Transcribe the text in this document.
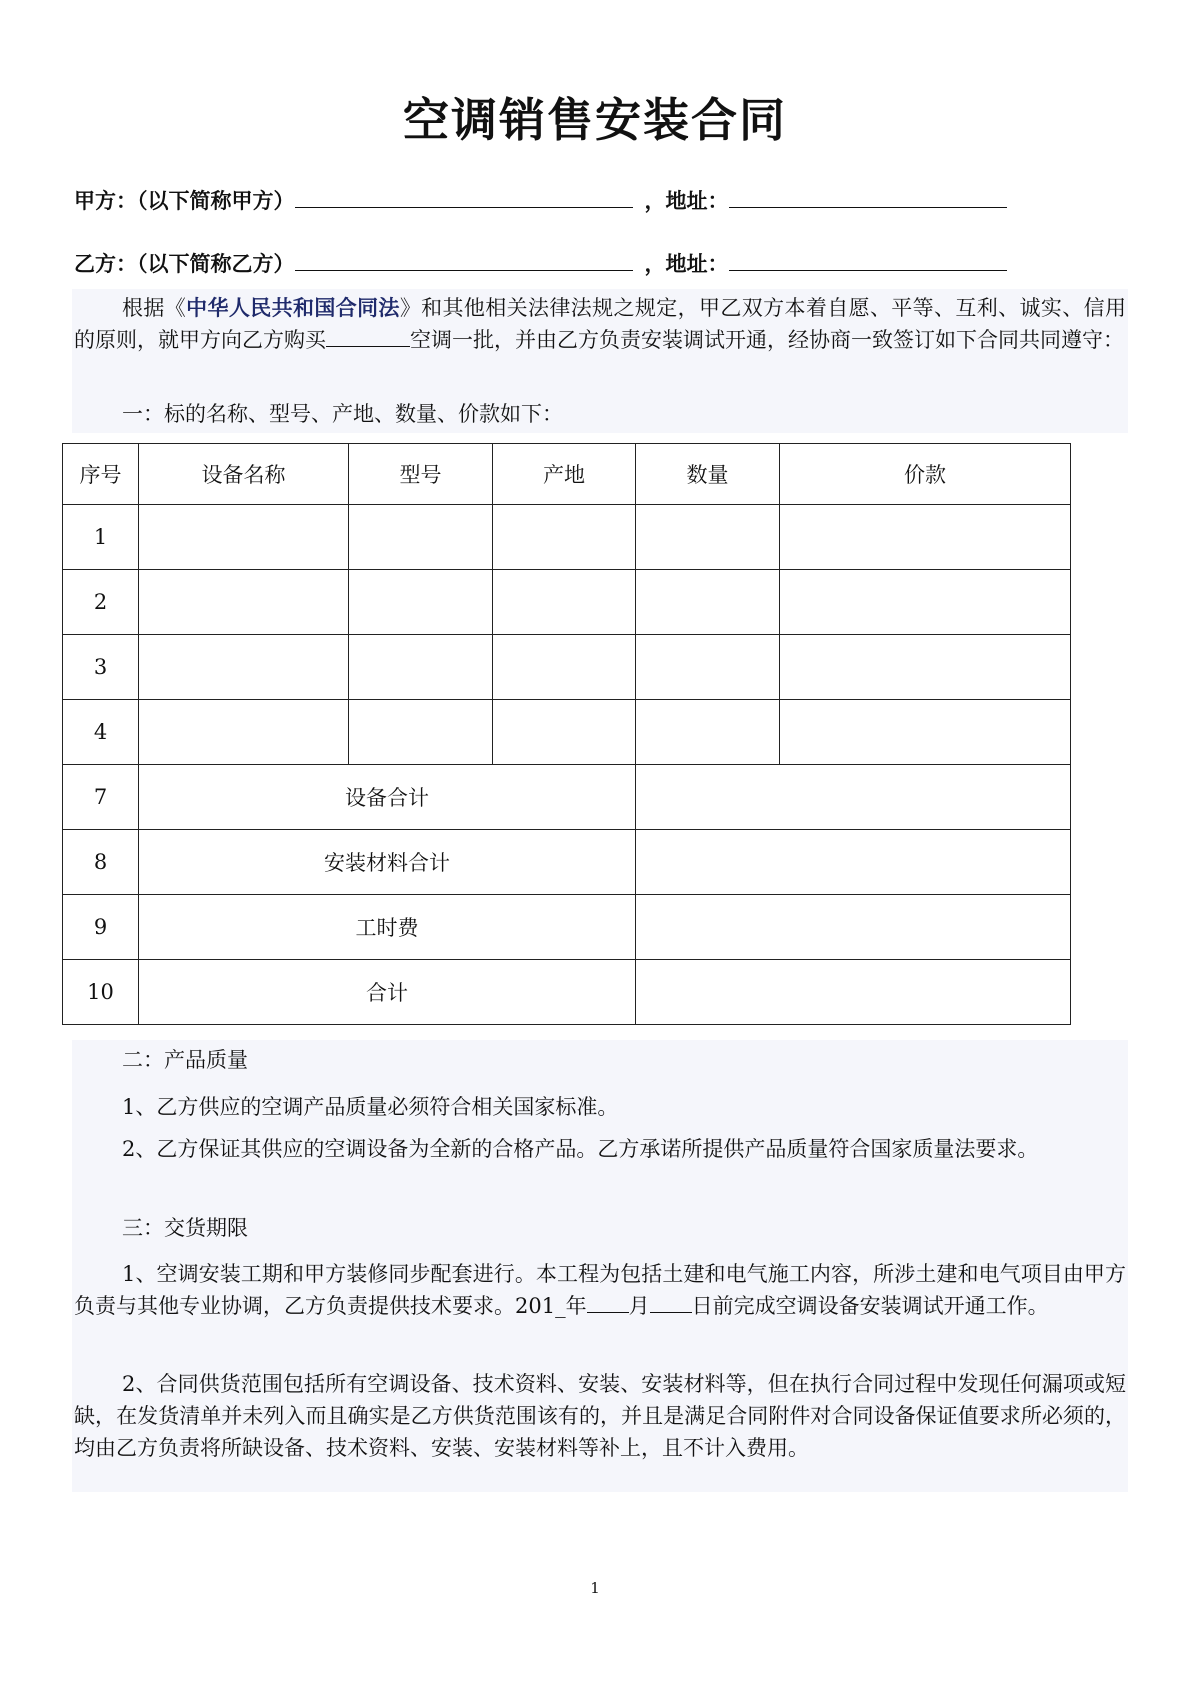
空调销售安装合同
甲方：（以下简称甲方）	，地址：
乙方：（以下简称乙方）	，地址：

根据《中华人民共和国合同法》和其他相关法律法规之规定，甲乙双方本着自愿、平等、互利、诚实、信用的原则，就甲方向乙方购买	空调一批，并由乙方负责安装调试开通，经协商一致签订如下合同共同遵守：

一：标的名称、型号、产地、数量、价款如下：

序号	设备名称	型号	产地	数量	价款
1					
2					
3					
4					
7	设备合计				
8	安装材料合计				
9	工时费				
10	合计				

二：产品质量

1、乙方供应的空调产品质量必须符合相关国家标准。

2、乙方保证其供应的空调设备为全新的合格产品。乙方承诺所提供产品质量符合国家质量法要求。

三：交货期限

1、空调安装工期和甲方装修同步配套进行。本工程为包括土建和电气施工内容，所涉土建和电气项目由甲方负责与其他专业协调，乙方负责提供技术要求。201_年 月 日前完成空调设备安装调试开通工作。

2、合同供货范围包括所有空调设备、技术资料、安装、安装材料等，但在执行合同过程中发现任何漏项或短缺，在发货清单并未列入而且确实是乙方供货范围该有的，并且是满足合同附件对合同设备保证值要求所必须的，均由乙方负责将所缺设备、技术资料、安装、安装材料等补上，且不计入费用。

1
